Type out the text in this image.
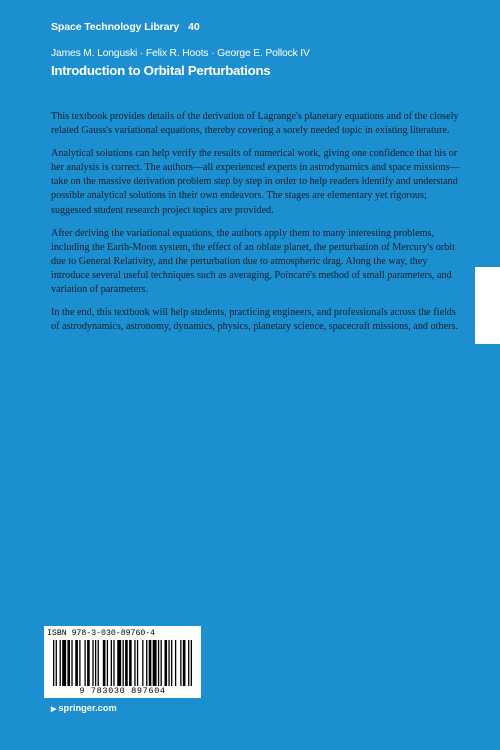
Space Technology Library 40
James M. Longuski · Felix R. Hoots · George E. Pollock IV
Introduction to Orbital Perturbations

This textbook provides details of the derivation of Lagrange's planetary equations and of the closely related Gauss's variational equations, thereby covering a sorely needed topic in existing literature.

Analytical solutions can help verify the results of numerical work, giving one confidence that his or her analysis is correct. The authors—all experienced experts in astrodynamics and space missions—take on the massive derivation problem step by step in order to help readers identify and understand possible analytical solutions in their own endeavors. The stages are elementary yet rigorous; suggested student research project topics are provided.

After deriving the variational equations, the authors apply them to many interesting problems, including the Earth-Moon system, the effect of an oblate planet, the perturbation of Mercury's orbit due to General Relativity, and the perturbation due to atmospheric drag. Along the way, they introduce several useful techniques such as averaging, Poincaré's method of small parameters, and variation of parameters.

In the end, this textbook will help students, practicing engineers, and professionals across the fields of astrodynamics, astronomy, dynamics, physics, planetary science, spacecraft missions, and others.

ISBN 978-3-030-89760-4
9 783030 897604
▶ springer.com
